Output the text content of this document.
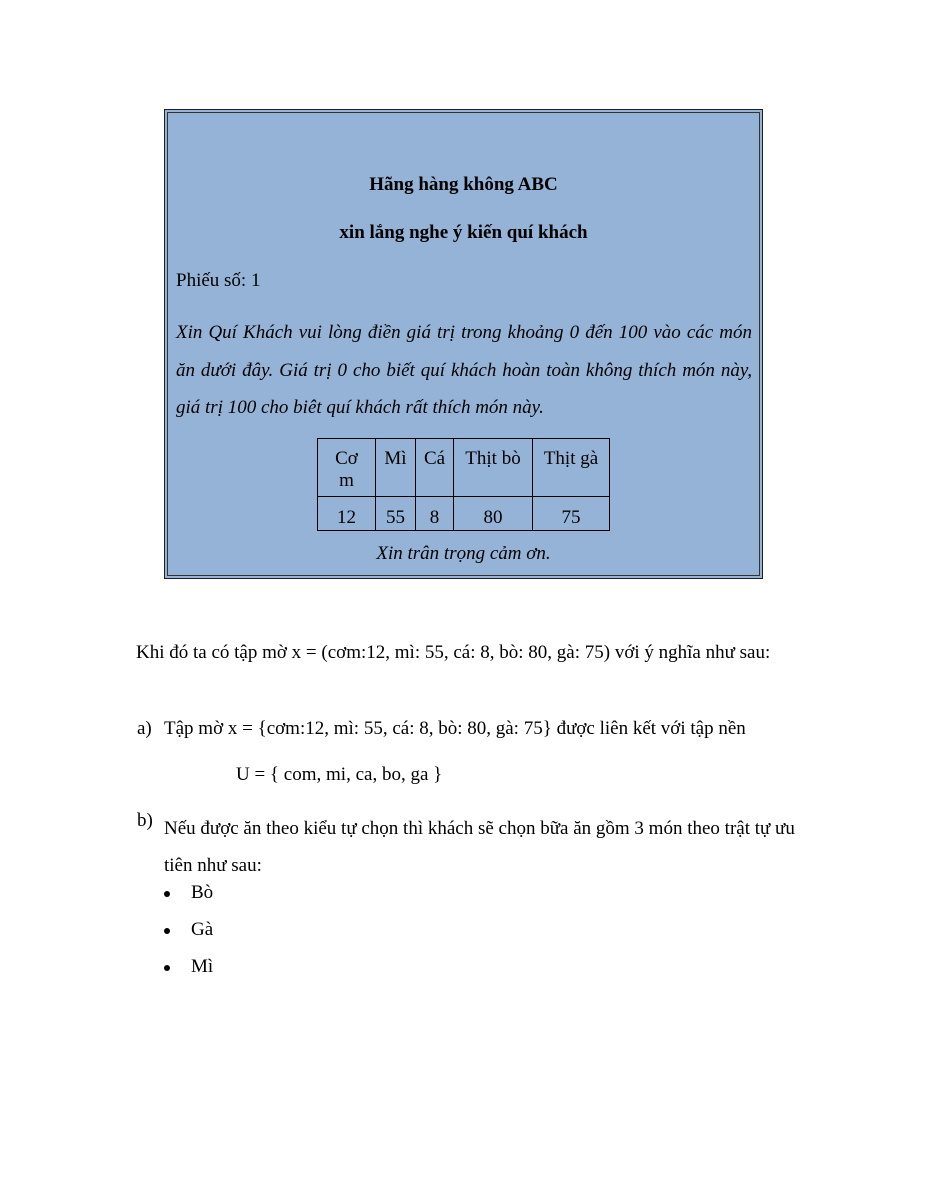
Hãng hàng không ABC
xin lắng nghe ý kiến quí khách
Phiếu số: 1
Xin Quí Khách vui lòng điền giá trị trong khoảng 0 đến 100 vào các món ăn dưới đây. Giá trị 0 cho biết quí khách hoàn toàn không thích món này, giá trị 100 cho biêt quí khách rất thích món này.
Cơ m	Mì	Cá	Thịt bò	Thịt gà
12	55	8	80	75
Xin trân trọng cảm ơn.
Khi đó ta có tập mờ x = (cơm:12, mì: 55, cá: 8, bò: 80, gà: 75) với ý nghĩa như sau:
a) Tập mờ x = {cơm:12, mì: 55, cá: 8, bò: 80, gà: 75} được liên kết với tập nền
U = { com, mi, ca, bo, ga }
b) Nếu được ăn theo kiểu tự chọn thì khách sẽ chọn bữa ăn gồm 3 món theo trật tự ưu tiên như sau:
Bò
Gà
Mì
